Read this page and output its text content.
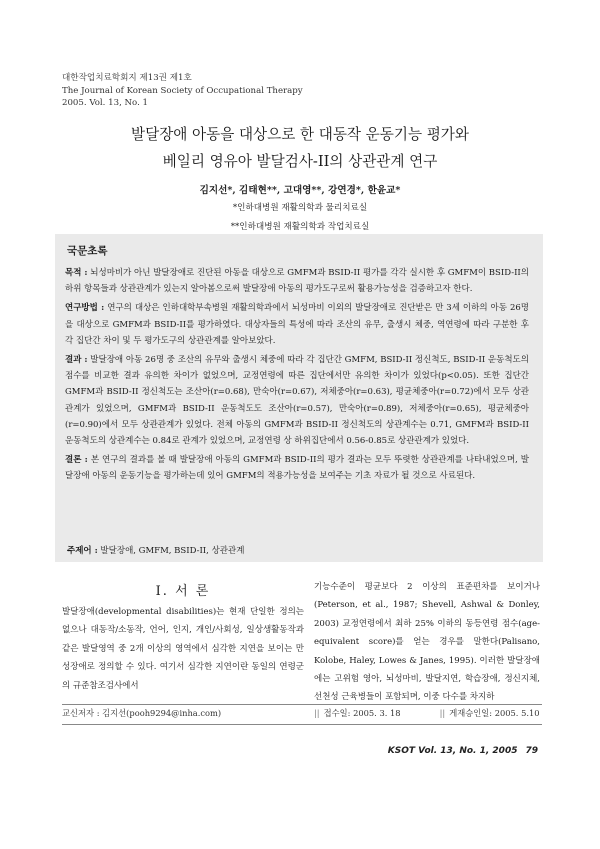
대한작업치료학회지 제13권 제1호
The Journal of Korean Society of Occupational Therapy
2005. Vol. 13, No. 1
발달장애 아동을 대상으로 한 대동작 운동기능 평가와
베일리 영유아 발달검사-II의 상관관계 연구
김지선*, 김태현**, 고대영**, 강연경*, 한윤교*
*인하대병원 재활의학과 물리치료실
**인하대병원 재활의학과 작업치료실
국문초록
목적 : 뇌성마비가 아닌 발달장애로 진단된 아동을 대상으로 GMFM과 BSID-II 평가를 각각 실시한 후 GMFM이 BSID-II의 하위 항목들과 상관관계가 있는지 알아봄으로써 발달장애 아동의 평가도구로써 활용가능성을 검증하고자 한다.
연구방법 : 연구의 대상은 인하대학부속병원 재활의학과에서 뇌성마비 이외의 발달장애로 진단받은 만 3세 이하의 아동 26명을 대상으로 GMFM과 BSID-II를 평가하였다. 대상자들의 특성에 따라 조산의 유무, 출생시 체중, 역연령에 따라 구분한 후 각 집단간 차이 및 두 평가도구의 상관관계를 알아보았다.
결과 : 발달장애 아동 26명 중 조산의 유무와 출생시 체중에 따라 각 집단간 GMFM, BSID-II 정신척도, BSID-II 운동척도의 점수를 비교한 결과 유의한 차이가 없었으며, 교정연령에 따른 집단에서만 유의한 차이가 있었다(p<0.05). 또한 집단간 GMFM과 BSID-II 정신척도는 조산아(r=0.68), 만숙아(r=0.67), 저체중아(r=0.63), 평균체중아(r=0.72)에서 모두 상관관계가 있었으며, GMFM과 BSID-II 운동척도도 조산아(r=0.57), 만숙아(r=0.89), 저체중아(r=0.65), 평균체중아(r=0.90)에서 모두 상관관계가 있었다. 전체 아동의 GMFM과 BSID-II 정신척도의 상관계수는 0.71, GMFM과 BSID-II 운동척도의 상관계수는 0.84로 관계가 있었으며, 교정연령 상 하위집단에서 0.56-0.85로 상관관계가 있었다.
결론 : 본 연구의 결과를 볼 때 발달장애 아동의 GMFM과 BSID-II의 평가 결과는 모두 뚜렷한 상관관계를 나타내었으며, 발달장애 아동의 운동기능을 평가하는데 있어 GMFM의 적용가능성을 보여주는 기초 자료가 될 것으로 사료된다.
주제어 : 발달장애, GMFM, BSID-II, 상관관계
I. 서 론
발달장애(developmental disabilities)는 현재 단일한 정의는 없으나 대동작/소동작, 언어, 인지, 개인/사회성, 일상생활동작과 같은 발달영역 중 2개 이상의 영역에서 심각한 지연을 보이는 만성장애로 정의할 수 있다. 여기서 심각한 지연이란 동일의 연령군의 규준참조검사에서
기능수준이 평균보다 2 이상의 표준편차를 보이거나 (Peterson, et al., 1987; Shevell, Ashwal & Donley, 2003) 교정연령에서 최하 25% 이하의 동등연령 점수(age-equivalent score)를 얻는 경우를 말한다(Palisano, Kolobe, Haley, Lowes & Janes, 1995). 이러한 발달장애에는 고위험 영아, 뇌성마비, 발달지연, 학습장애, 정신지체, 선천성 근육병들이 포함되며, 이중 다수를 차지하
교신저자 : 김지선(pooh9294@inha.com)	|| 접수일: 2005. 3. 18	|| 게재승인일: 2005. 5.10
KSOT Vol. 13, No. 1, 2005 79
